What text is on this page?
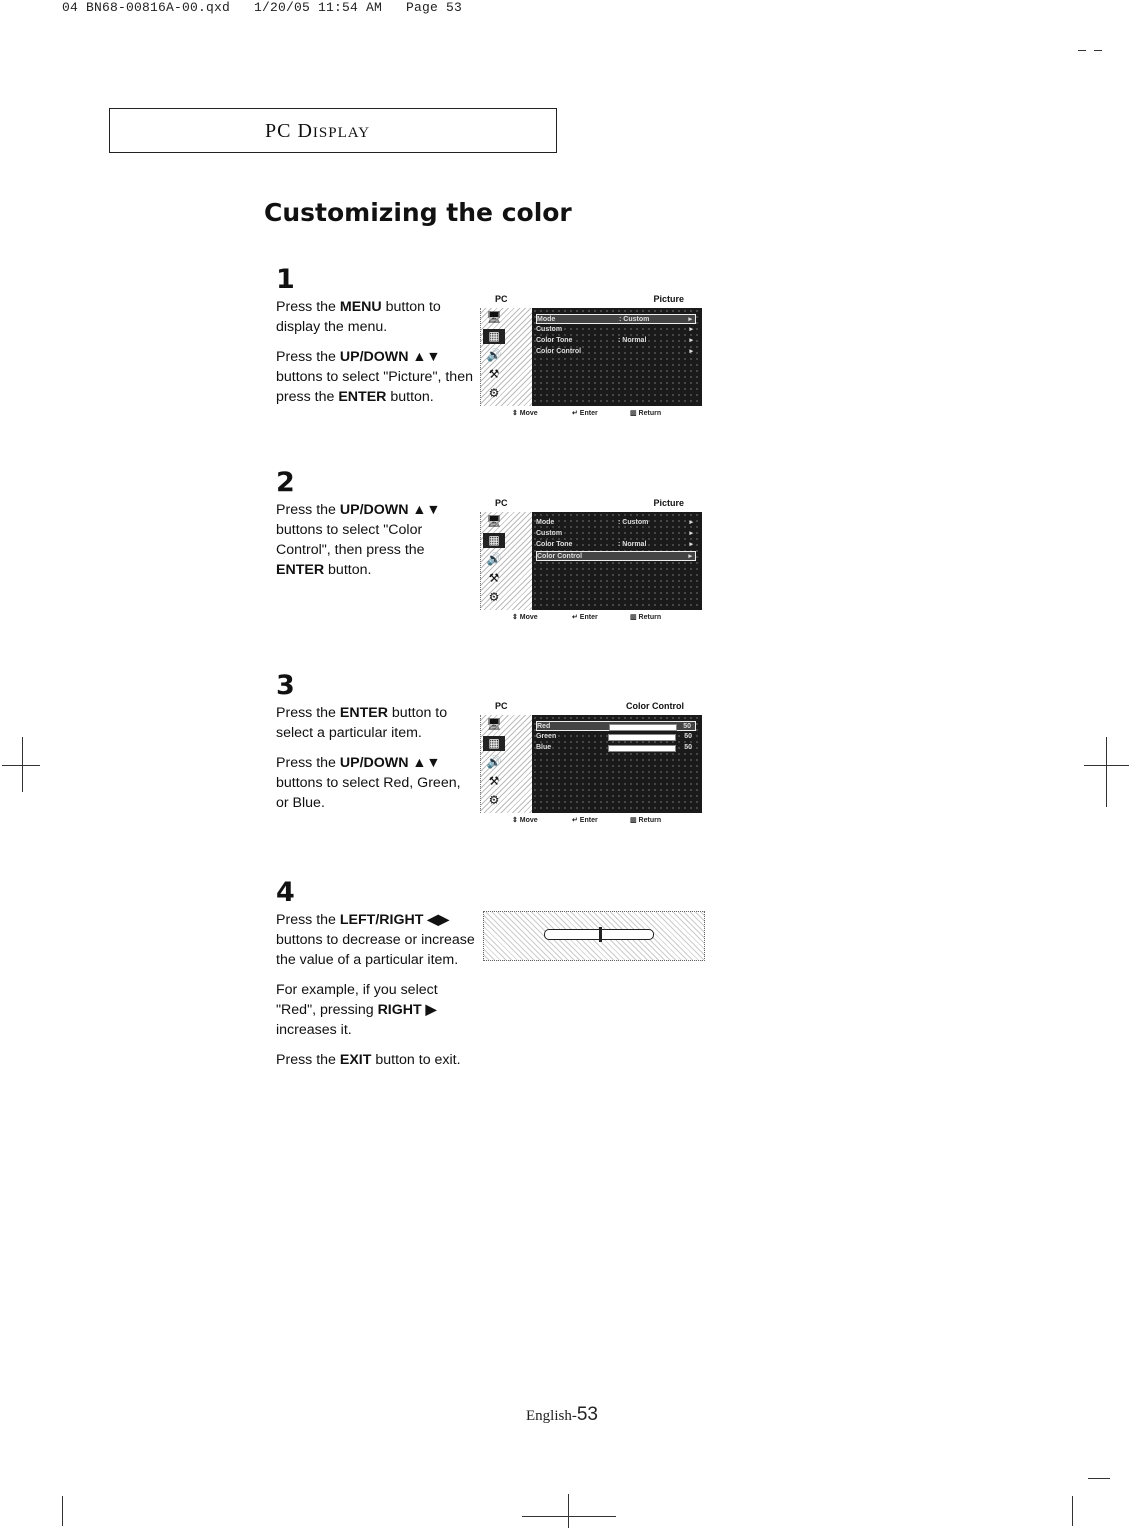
04 BN68-00816A-00.qxd   1/20/05 11:54 AM   Page 53
PC DISPLAY
Customizing the color
1

Press the MENU button to display the menu.

Press the UP/DOWN ▲▼ buttons to select "Picture", then press the ENTER button.

2

Press the UP/DOWN ▲▼ buttons to select "Color Control", then press the ENTER button.

3

Press the ENTER button to select a particular item.

Press the UP/DOWN ▲▼ buttons to select Red, Green, or Blue.

4

Press the LEFT/RIGHT ◀▶ buttons to decrease or increase the value of a particular item.

For example, if you select "Red", pressing RIGHT ▶ increases it.

Press the EXIT button to exit.

PC	Picture
🖥
▦
🔊
⚒
⚙
Mode	: Custom	▸
Custom	▸
Color Tone	: Normal	▸
Color Control	▸
⇕ Move	↵ Enter	▥ Return
PC	Picture
🖥
▦
🔊
⚒
⚙
Mode	: Custom	▸
Custom	▸
Color Tone	: Normal	▸
Color Control	▸
⇕ Move	↵ Enter	▥ Return
PC	Color Control
🖥
▦
🔊
⚒
⚙
Red	50
Green	50
Blue	50
⇕ Move	↵ Enter	▥ Return
English-53
